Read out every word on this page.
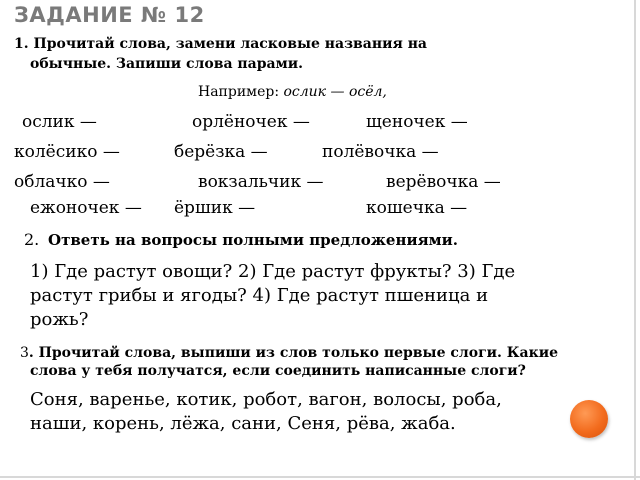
ЗАДАНИЕ № 12
1. Прочитай слова, замени ласковые названия на
обычные. Запиши слова парами.
Например: ослик — осёл,
ослик —	орлёночек —	щеночек —
колёсико —	берёзка —	полёвочка —
облачко —	вокзальчик —	верёвочка —
ежоночек — ёршик —	кошечка —
2. Ответь на вопросы полными предложениями.
1) Где растут овощи? 2) Где растут фрукты? 3) Где
растут грибы и ягоды? 4) Где растут пшеница и
рожь?
3. Прочитай слова, выпиши из слов только первые слоги. Какие
слова у тебя получатся, если соединить написанные слоги?
Соня, варенье, котик, робот, вагон, волосы, роба,
наши, корень, лёжа, сани, Сеня, рёва, жаба.
